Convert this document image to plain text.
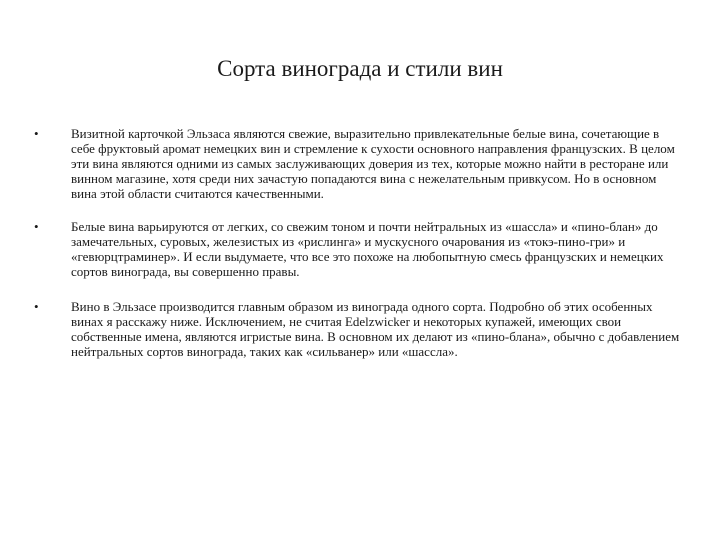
Сорта винограда и стили вин
•	Визитной карточкой Эльзаса являются свежие, выразительно привлекательные белые вина, сочетающие в себе фруктовый аромат немецких вин и стремление к сухости основного направления французских. В целом эти вина являются одними из самых заслуживающих доверия из тех, которые можно найти в ресторане или винном магазине, хотя среди них зачастую попадаются вина с нежелательным привкусом. Но в основном вина этой области считаются качественными.
•	Белые вина варьируются от легких, со свежим тоном и почти нейтральных из «шассла» и «пино-блан» до замечательных, суровых, железистых из «рислинга» и мускусного очарования из «токэ-пино-гри» и «гевюрцтраминер». И если выдумаете, что все это похоже на любопытную смесь французских и немецких сортов винограда, вы совершенно правы.
•	Вино в Эльзасе производится главным образом из винограда одного сорта. Подробно об этих особенных винах я расскажу ниже. Исключением, не считая Edelzwicker и некоторых купажей, имеющих свои собственные имена, являются игристые вина. В основном их делают из «пино-блана», обычно с добавлением нейтральных сортов винограда, таких как «сильванер» или «шассла».
